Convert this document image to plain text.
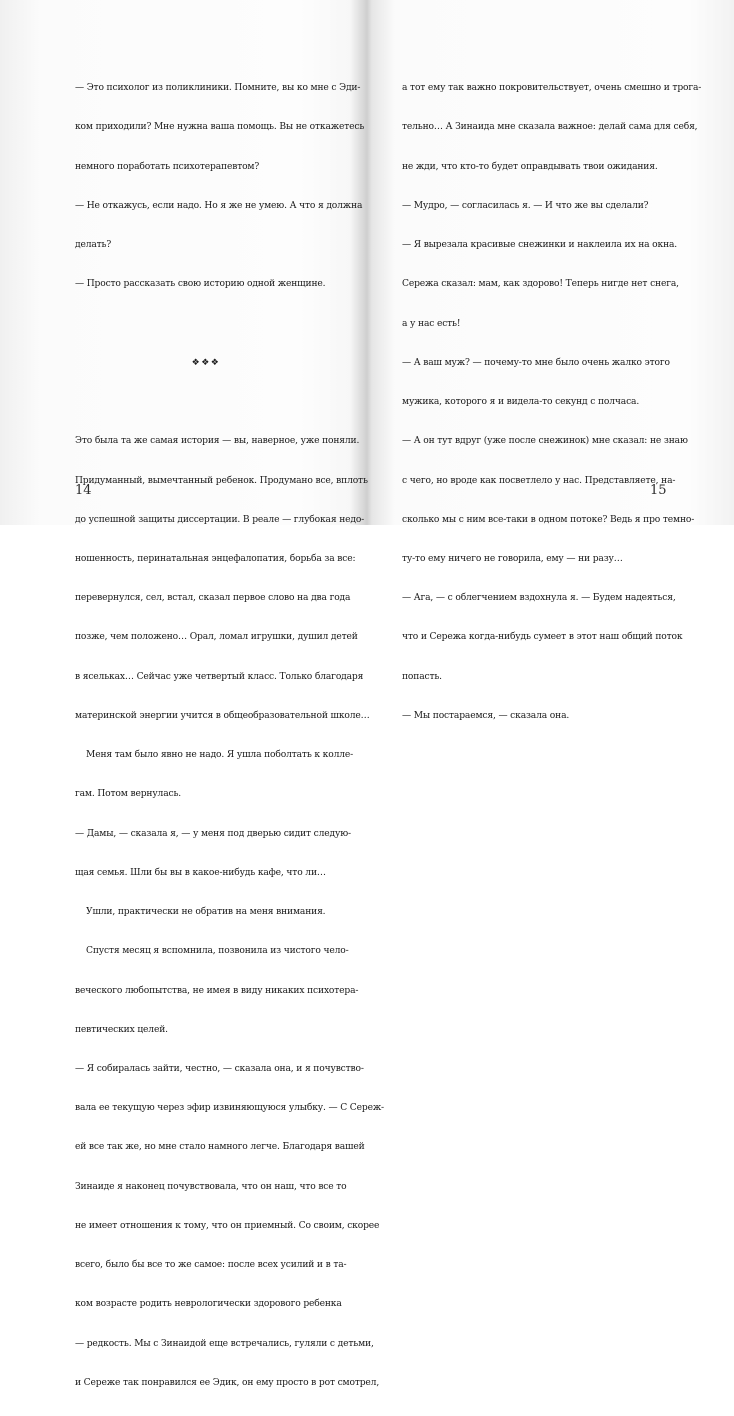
— Это психолог из поликлиники. Помните, вы ко мне с Эди-

ком приходили? Мне нужна ваша помощь. Вы не откажетесь

немного поработать психотерапевтом?

— Не откажусь, если надо. Но я же не умею. А что я должна

делать?

— Просто рассказать свою историю одной женщине.

❖❖❖

Это была та же самая история — вы, наверное, уже поняли.

Придуманный, вымечтанный ребенок. Продумано все, вплоть

до успешной защиты диссертации. В реале — глубокая недо-

ношенность, перинатальная энцефалопатия, борьба за все:

перевернулся, сел, встал, сказал первое слово на два года

позже, чем положено… Орал, ломал игрушки, душил детей

в яселькax… Сейчас уже четвертый класс. Только благодаря

материнской энергии учится в общеобразовательной школе…

Меня там было явно не надо. Я ушла поболтать к колле-

гам. Потом вернулась.

— Дамы, — сказала я, — у меня под дверью сидит следую-

щая семья. Шли бы вы в какое-нибудь кафе, что ли…

Ушли, практически не обратив на меня внимания.

Спустя месяц я вспомнила, позвонила из чистого чело-

веческого любопытства, не имея в виду никаких психотера-

певтических целей.

— Я собиралась зайти, честно, — сказала она, и я почувство-

вала ее текущую через эфир извиняющуюся улыбку. — С Сереж-

ей все так же, но мне стало намного легче. Благодаря вашей

Зинаиде я наконец почувствовала, что он наш, что все то

не имеет отношения к тому, что он приемный. Со своим, скорее

всего, было бы все то же самое: после всех усилий и в та-

ком возрасте родить неврологически здорового ребенка

— редкость. Мы с Зинаидой еще встречались, гуляли с детьми,

и Сереже так понравился ее Эдик, он ему просто в рот смотрел,

14

а тот ему так важно покровительствует, очень смешно и трога-

тельно… А Зинаида мне сказала важное: делай сама для себя,

не жди, что кто-то будет оправдывать твои ожидания.

— Мудро, — согласилась я. — И что же вы сделали?

— Я вырезала красивые снежинки и наклеила их на окна.

Сережа сказал: мам, как здорово! Теперь нигде нет снега,

а у нас есть!

— А ваш муж? — почему-то мне было очень жалко этого

мужика, которого я и видела-то секунд с полчаса.

— А он тут вдруг (уже после снежинок) мне сказал: не знаю

с чего, но вроде как посветлело у нас. Представляете, на-

сколько мы с ним все-таки в одном потоке? Ведь я про темно-

ту-то ему ничего не говорила, ему — ни разу…

— Ага, — с облегчением вздохнула я. — Будем надеяться,

что и Сережа когда-нибудь сумеет в этот наш общий поток

попасть.

— Мы постараемся, — сказала она.

15
